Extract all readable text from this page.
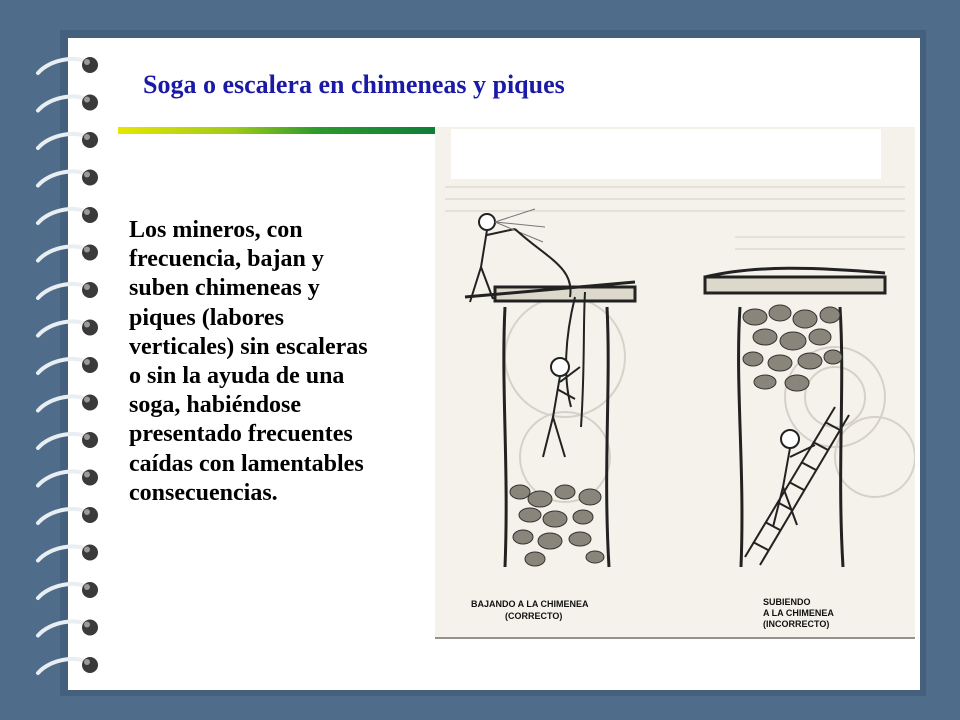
Soga o escalera en chimeneas y piques
Los mineros, con
frecuencia, bajan y
suben chimeneas y
piques (labores
verticales) sin escaleras
o sin la ayuda de una
soga, habiéndose
presentado frecuentes
caídas con lamentables
consecuencias.
BAJANDO A LA CHIMENEA
(CORRECTO)
SUBIENDO
A LA CHIMENEA
(INCORRECTO)
